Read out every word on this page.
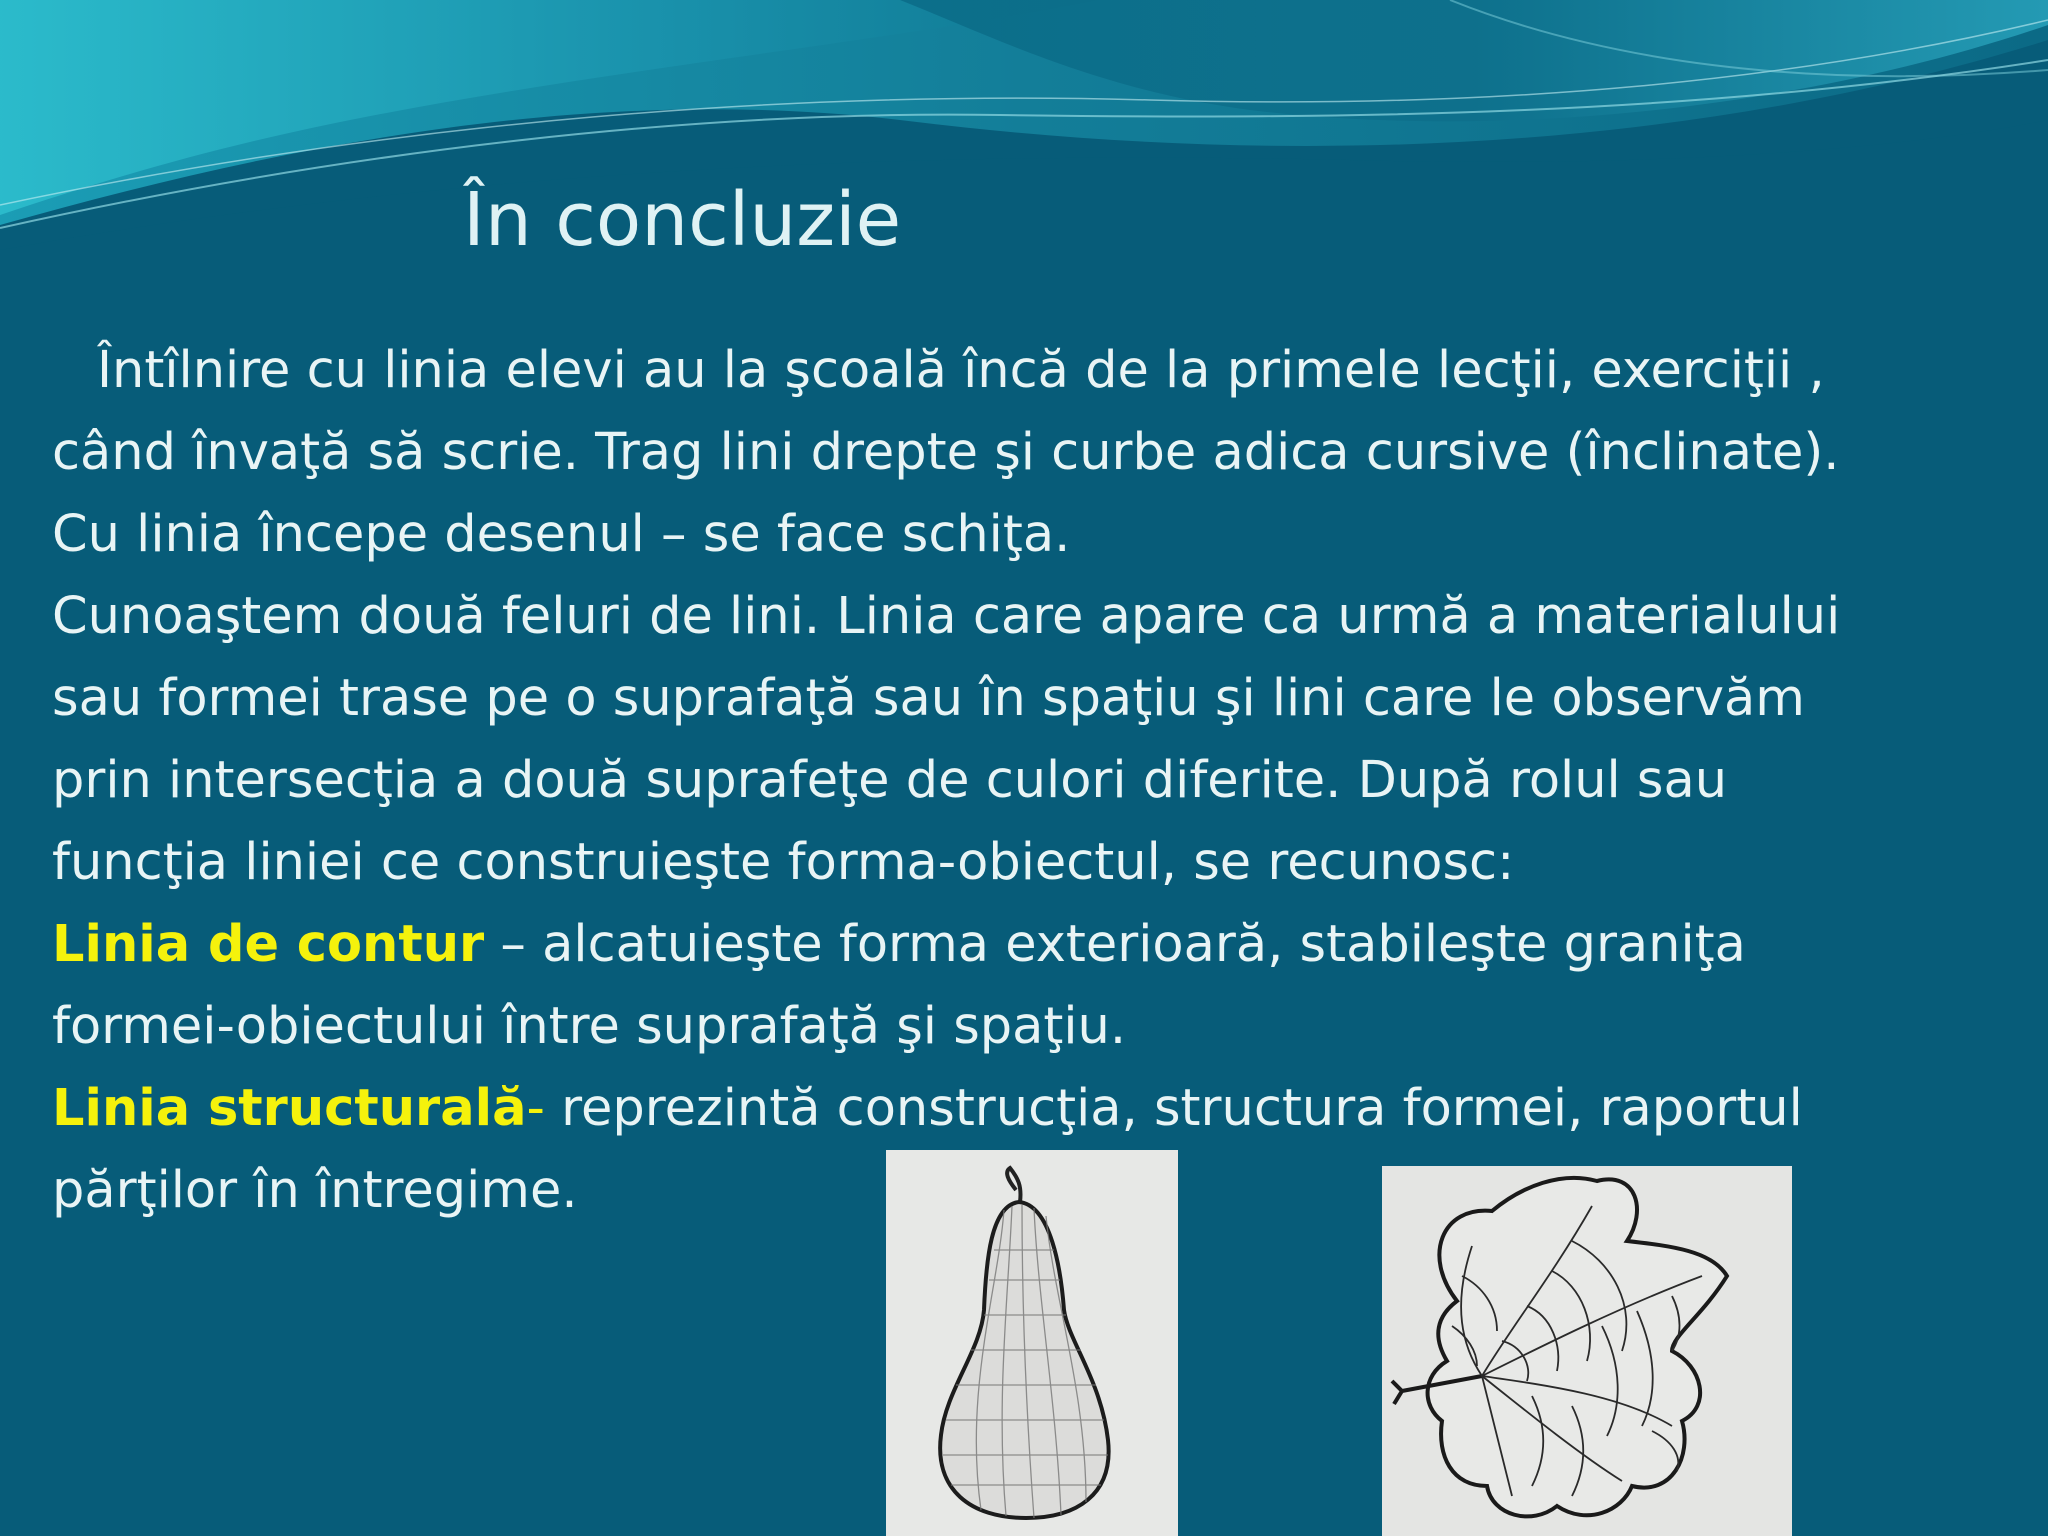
În concluzie

Întîlnire cu linia elevi au la şcoală încă de la primele lecţii, exerciţii ,

când învaţă să scrie. Trag lini drepte şi curbe adica cursive (înclinate).

Cu linia începe desenul – se face schiţa.

Cunoaştem două feluri de lini. Linia care apare ca urmă a materialului

sau formei trase pe o suprafaţă sau în spaţiu şi lini care le observăm

prin intersecţia a două suprafeţe de culori diferite. După rolul sau

funcţia liniei ce construieşte forma-obiectul, se recunosc:

Linia de contur – alcatuieşte forma exterioară, stabileşte graniţa

formei-obiectului între suprafaţă şi spaţiu.

Linia structurală- reprezintă construcţia, structura formei, raportul

părţilor în întregime.
